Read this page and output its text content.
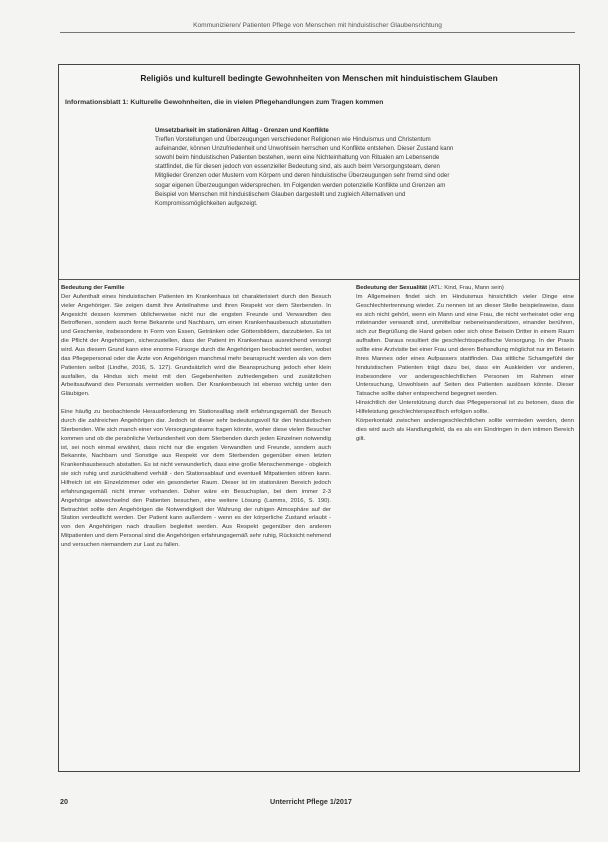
Kommunizieren/ Patienten Pflege von Menschen mit hinduistischer Glaubensrichtung
Religiös und kulturell bedingte Gewohnheiten von Menschen mit hinduistischem Glauben
Informationsblatt 1: Kulturelle Gewohnheiten, die in vielen Pflegehandlungen zum Tragen kommen

Umsetzbarkeit im stationären Alltag - Grenzen und Konflikte

Treffen Vorstellungen und Überzeugungen verschiedener Religionen wie Hinduismus und Christentum aufeinander, können Unzufriedenheit und Unwohlsein herrschen und Konflikte entstehen. Dieser Zustand kann sowohl beim hinduistischen Patienten bestehen, wenn eine Nichteinhaltung von Ritualen am Lebensende stattfindet, die für diesen jedoch von essenzieller Bedeutung sind, als auch beim Versorgungsteam, deren Mitglieder Grenzen oder Mustern vom Körpern und deren hinduistische Überzeugungen sehr fremd sind oder sogar eigenen Überzeugungen widersprechen. Im Folgenden werden potenzielle Konflikte und Grenzen am Beispiel von Menschen mit hinduistischem Glauben dargestellt und zugleich Alternativen und Kompromissmöglichkeiten aufgezeigt.

Bedeutung der Familie

Der Aufenthalt eines hinduistischen Patienten im Krankenhaus ist charakterisiert durch den Besuch vieler Angehöriger. Sie zeigen damit ihre Anteilnahme und ihren Respekt vor dem Sterbenden. In Angesicht dessen kommen üblicherweise nicht nur die engsten Freunde und Verwandten des Betroffenen, sondern auch ferne Bekannte und Nachbarn, um einen Krankenhausbesuch abzustatten und Geschenke, insbesondere in Form von Essen, Getränken oder Göttersbildern, darzubieten. Es ist die Pflicht der Angehörigen, sicherzustellen, dass der Patient im Krankenhaus ausreichend versorgt wird. Aus diesem Grund kann eine enorme Fürsorge durch die Angehörigen beobachtet werden, wobei das Pflegepersonal oder die Ärzte von Angehörigen manchmal mehr beansprucht werden als von dem Patienten selbst (Lindhe, 2016, S. 127). Grundsätzlich wird die Beanspruchung jedoch eher klein ausfallen, da Hindus sich meist mit den Gegebenheiten zufriedengeben und zusätzlichen Arbeitsaufwand des Personals vermeiden wollen. Der Krankenbesuch ist ebenso wichtig unter den Gläubigen.

Eine häufig zu beobachtende Herausforderung im Stationsalltag stellt erfahrungsgemäß der Besuch durch die zahlreichen Angehörigen dar. Jedoch ist dieser sehr bedeutungsvoll für den hinduistischen Sterbenden. Wie sich manch einer von Versorgungsteams fragen könnte, woher diese vielen Besucher kommen und ob die persönliche Verbundenheit von dem Sterbenden durch jeden Einzelnen notwendig ist, sei noch einmal erwähnt, dass nicht nur die engsten Verwandten und Freunde, sondern auch Bekannte, Nachbarn und Sonstige aus Respekt vor dem Sterbenden gegenüber einen letzten Krankenhausbesuch abstatten. Es ist nicht verwunderlich, dass eine große Menschenmenge - obgleich sie sich ruhig und zurückhaltend verhält - den Stationsablauf und eventuell Mitpatienten stören kann. Hilfreich ist ein Einzelzimmer oder ein gesonderter Raum. Dieser ist im stationären Bereich jedoch erfahrungsgemäß nicht immer vorhanden. Daher wäre ein Besuchsplan, bei dem immer 2-3 Angehörige abwechselnd den Patienten besuchen, eine weitere Lösung (Lamms, 2016, S. 190). Betrachtet sollte den Angehörigen die Notwendigkeit der Wahrung der ruhigen Atmosphäre auf der Station verdeutlicht werden. Der Patient kann außerdem - wenn es der körperliche Zustand erlaubt - von den Angehörigen nach draußen begleitet werden. Aus Respekt gegenüber den anderen Mitpatienten und dem Personal sind die Angehörigen erfahrungsgemäß sehr ruhig, Rücksicht nehmend und versuchen niemandem zur Last zu fallen.

Bedeutung der Sexualität (ATL: Kind, Frau, Mann sein)

Im Allgemeinen findet sich im Hinduismus hinsichtlich vieler Dinge eine Geschlechtertrennung wieder. Zu nennen ist an dieser Stelle beispielsweise, dass es sich nicht gehört, wenn ein Mann und eine Frau, die nicht verheiratet oder eng miteinander verwandt sind, unmittelbar nebeneinandersitzen, einander berühren, sich zur Begrüßung die Hand geben oder sich ohne Beisein Dritter in einem Raum aufhalten. Daraus resultiert die geschlechtsspezifische Versorgung. In der Praxis sollte eine Arztvisite bei einer Frau und deren Behandlung möglichst nur im Beisein ihres Mannes oder eines Aufpassers stattfinden. Das sittliche Schamgefühl der hinduistischen Patienten trägt dazu bei, dass ein Auskleiden vor anderen, insbesondere vor andersgeschlechtlichen Personen im Rahmen einer Untersuchung, Unwohlsein auf Seiten des Patienten auslösen könnte. Dieser Tatsache sollte daher entsprechend begegnet werden.

Hinsichtlich der Unterstützung durch das Pflegepersonal ist zu betonen, dass die Hilfeleistung geschlechterspezifisch erfolgen sollte.

Körperkontakt zwischen andersgeschlechtlichen sollte vermieden werden, denn dies wird auch als Handlungsfeld, da es als ein Eindringen in den intimen Bereich gilt.

20	Unterricht Pflege 1/2017
